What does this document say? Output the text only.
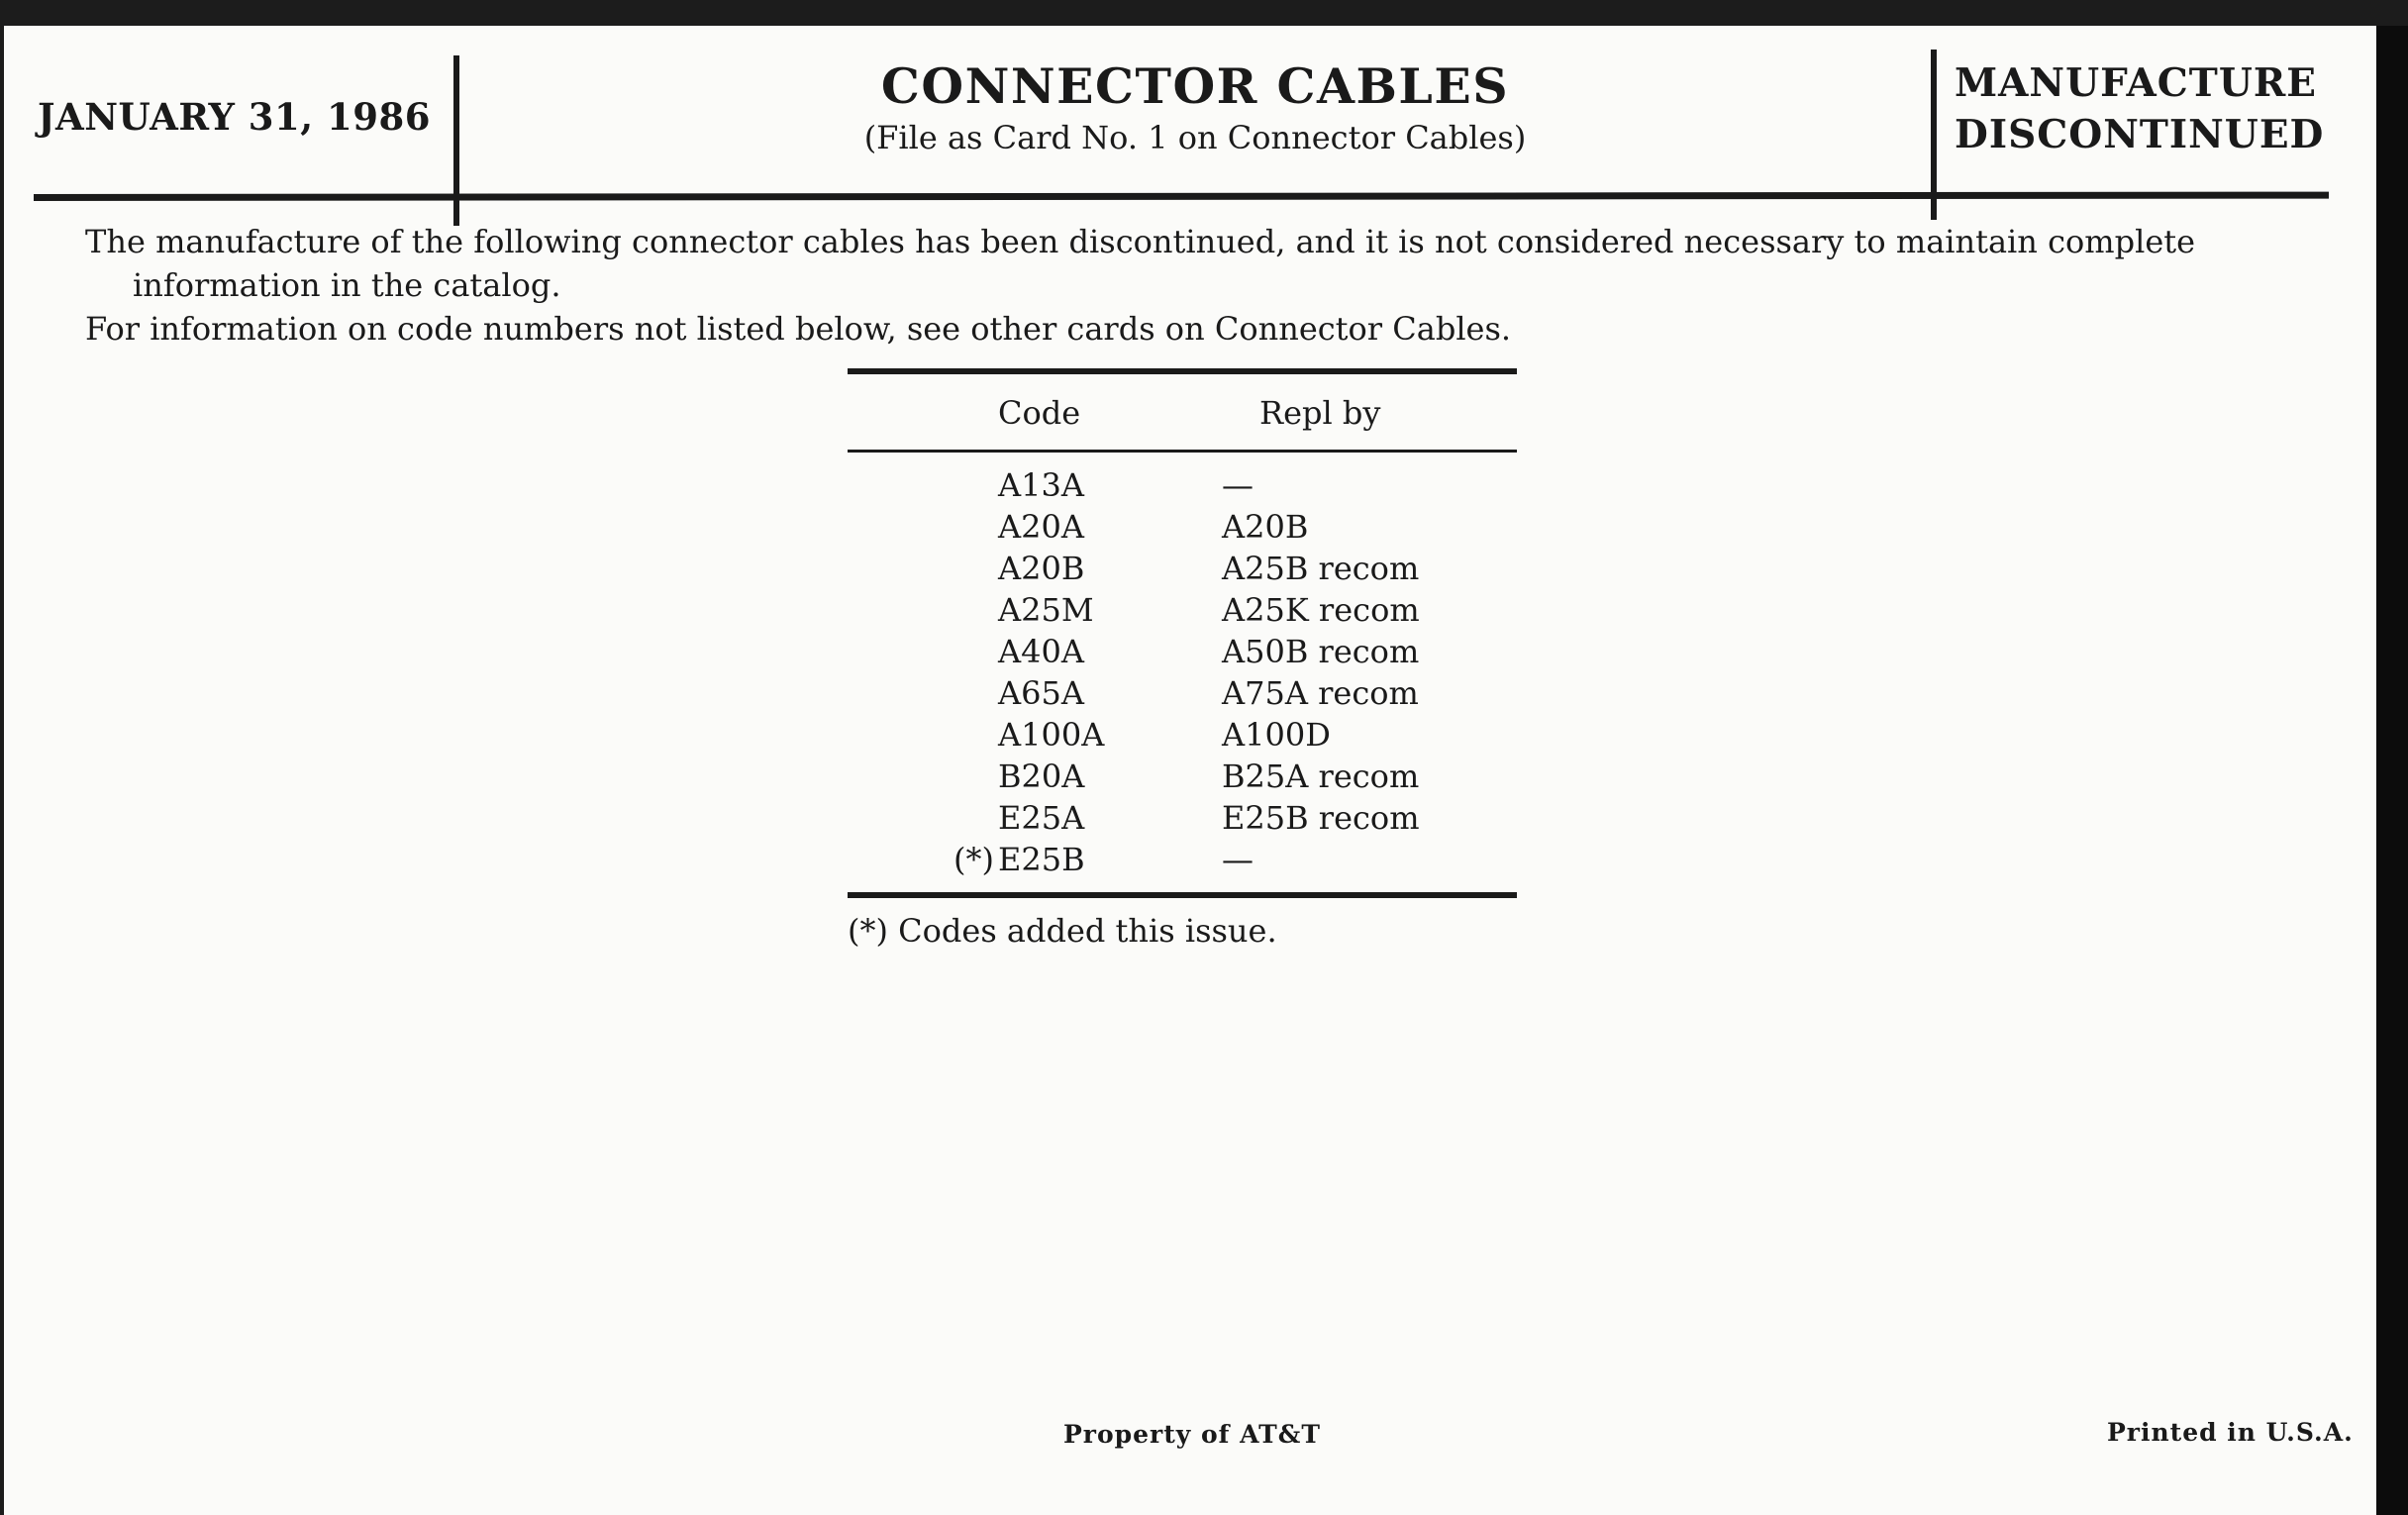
JANUARY 31, 1986
CONNECTOR CABLES
(File as Card No. 1 on Connector Cables)
MANUFACTURE
DISCONTINUED

The manufacture of the following connector cables has been discontinued, and it is not considered necessary to maintain complete information in the catalog.

For information on code numbers not listed below, see other cards on Connector Cables.

Code	Repl by
A13A	—
A20A	A20B
A20B	A25B recom
A25M	A25K recom
A40A	A50B recom
A65A	A75A recom
A100A	A100D
B20A	B25A recom
E25A	E25B recom
(*) E25B	—
(*) Codes added this issue.
Property of AT&T	Printed in U.S.A.
